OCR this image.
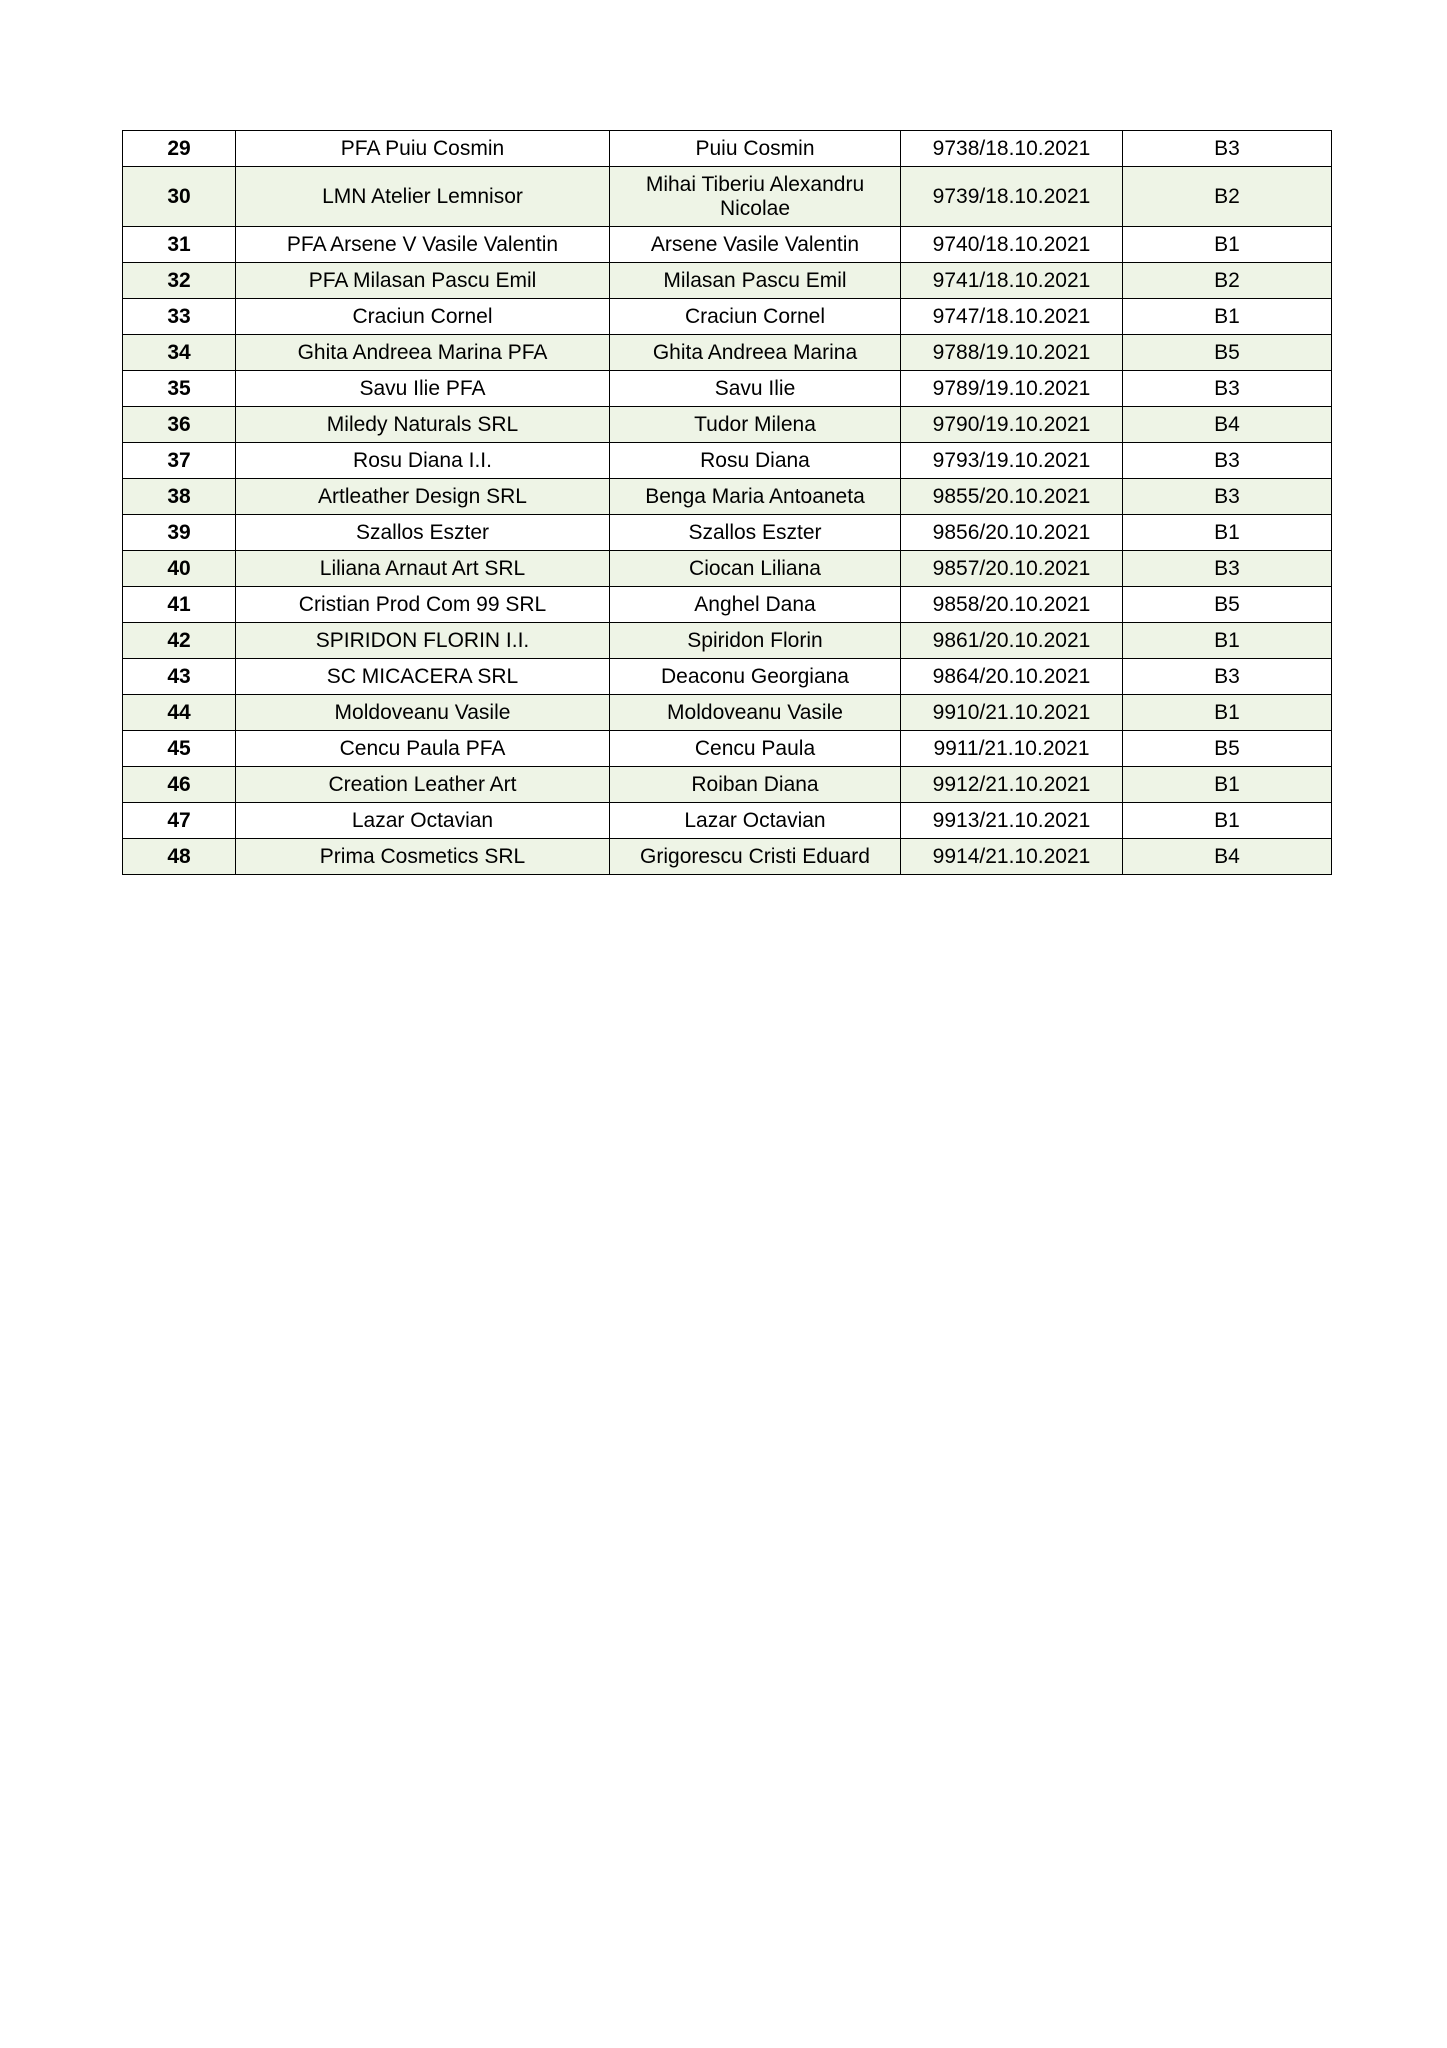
29	PFA Puiu Cosmin	Puiu Cosmin	9738/18.10.2021	B3
30	LMN Atelier Lemnisor	Mihai Tiberiu Alexandru Nicolae	9739/18.10.2021	B2
31	PFA Arsene V Vasile Valentin	Arsene Vasile Valentin	9740/18.10.2021	B1
32	PFA Milasan Pascu Emil	Milasan Pascu Emil	9741/18.10.2021	B2
33	Craciun Cornel	Craciun Cornel	9747/18.10.2021	B1
34	Ghita Andreea Marina PFA	Ghita Andreea Marina	9788/19.10.2021	B5
35	Savu Ilie PFA	Savu Ilie	9789/19.10.2021	B3
36	Miledy Naturals SRL	Tudor Milena	9790/19.10.2021	B4
37	Rosu Diana I.I.	Rosu Diana	9793/19.10.2021	B3
38	Artleather Design SRL	Benga Maria Antoaneta	9855/20.10.2021	B3
39	Szallos Eszter	Szallos Eszter	9856/20.10.2021	B1
40	Liliana Arnaut Art SRL	Ciocan Liliana	9857/20.10.2021	B3
41	Cristian Prod Com 99 SRL	Anghel Dana	9858/20.10.2021	B5
42	SPIRIDON FLORIN I.I.	Spiridon Florin	9861/20.10.2021	B1
43	SC MICACERA SRL	Deaconu Georgiana	9864/20.10.2021	B3
44	Moldoveanu Vasile	Moldoveanu Vasile	9910/21.10.2021	B1
45	Cencu Paula PFA	Cencu Paula	9911/21.10.2021	B5
46	Creation Leather Art	Roiban Diana	9912/21.10.2021	B1
47	Lazar Octavian	Lazar Octavian	9913/21.10.2021	B1
48	Prima Cosmetics SRL	Grigorescu Cristi Eduard	9914/21.10.2021	B4
